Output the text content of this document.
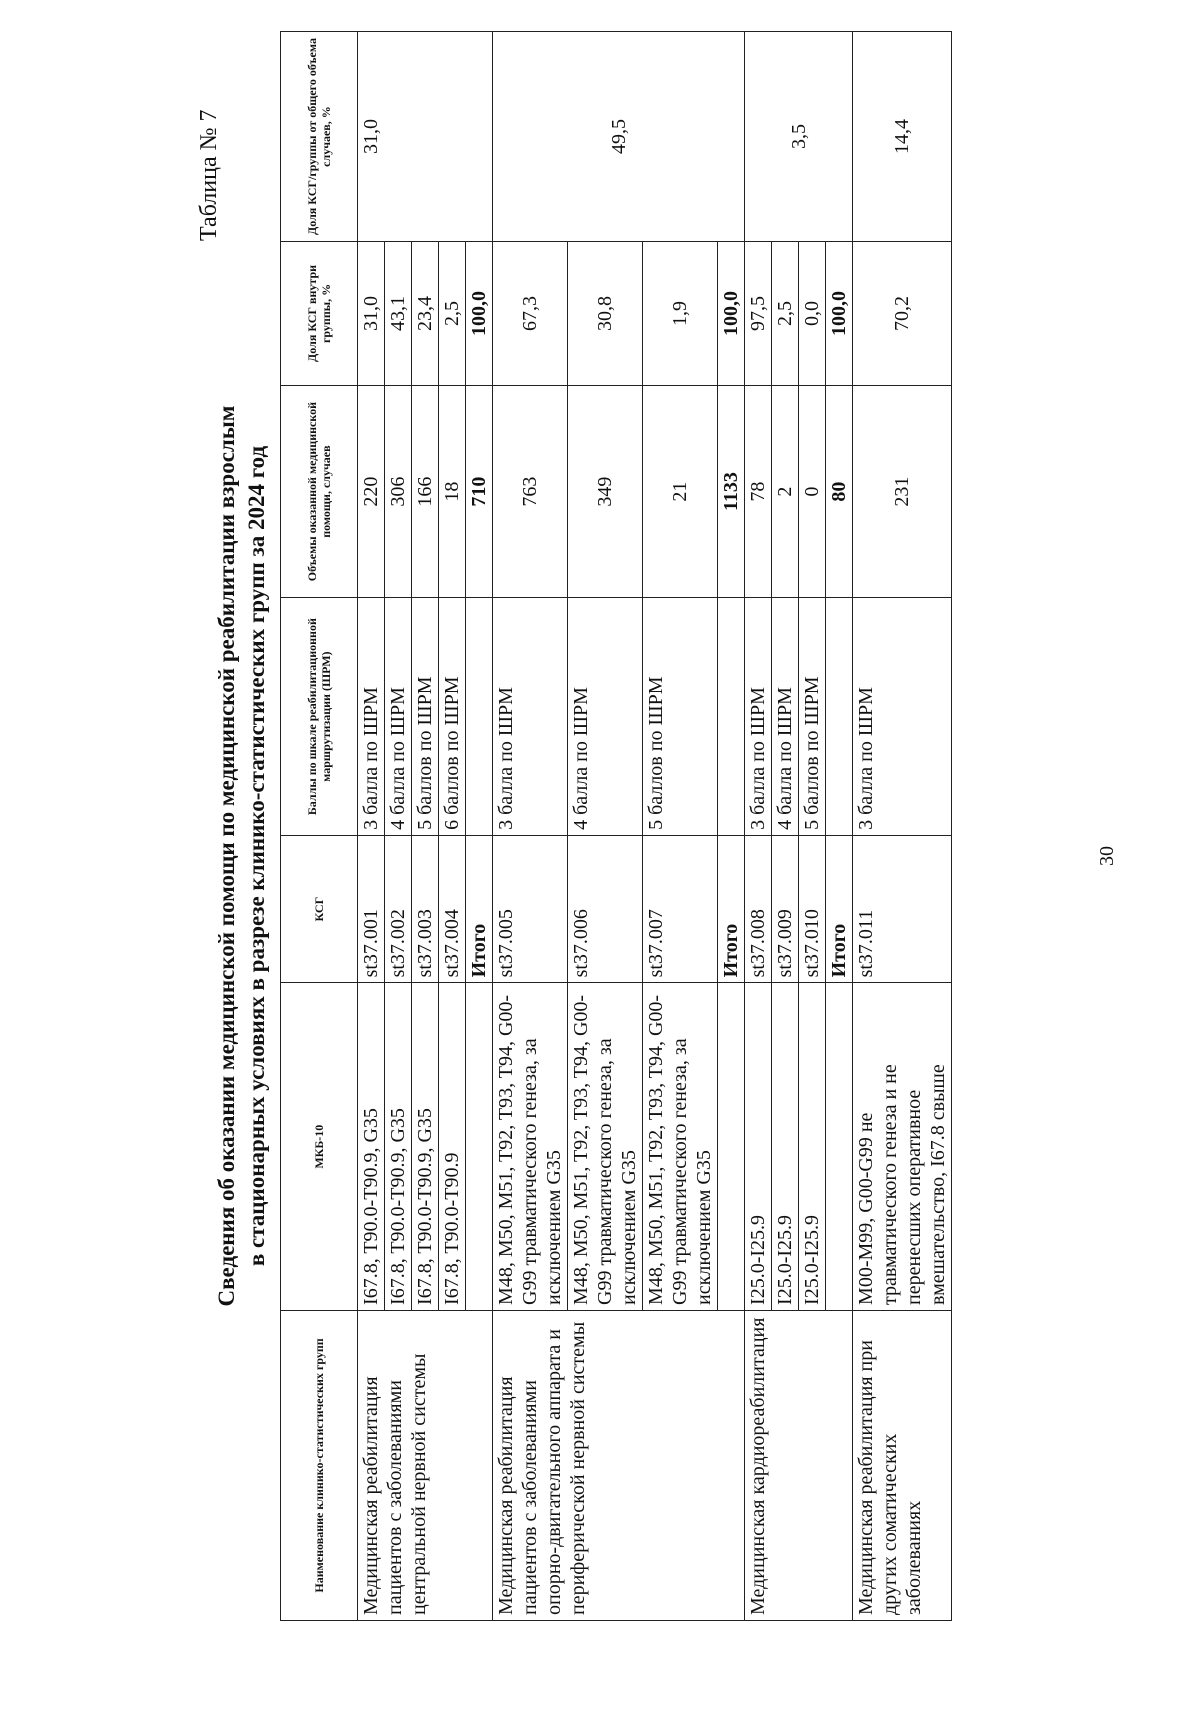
30
Таблица № 7
Сведения об оказании медицинской помощи по медицинской реабилитации взрослым в стационарных условиях в разрезе клинико-статистических групп за 2024 год
Наименование клинико-статистических групп	МКБ-10	КСГ	Баллы по шкале реабилитационной маршрутизации (ШРМ)	Объемы оказанной медицинской помощи, случаев	Доля КСГ внутри группы, %	Доля КСГ/группы от общего объема случаев, %
Медицинская реабилитация пациентов с заболеваниями центральной нервной системы	I67.8, T90.0-T90.9, G35	st37.001	3 балла по ШРМ	220	31,0	31,0
	I67.8, T90.0-T90.9, G35	st37.002	4 балла по ШРМ	306	43,1	
	I67.8, T90.0-T90.9, G35	st37.003	5 баллов по ШРМ	166	23,4	
	I67.8, T90.0-T90.9	st37.004	6 баллов по ШРМ	18	2,5	
		Итого		710	100,0	
Медицинская реабилитация пациентов с заболеваниями опорно-двигательного аппарата и периферической нервной системы	M48, M50, M51, T92, T93, T94, G00-G99 травматического генеза, за исключением G35	st37.005	3 балла по ШРМ	763	67,3	49,5
	M48, M50, M51, T92, T93, T94, G00-G99 травматического генеза, за исключением G35	st37.006	4 балла по ШРМ	349	30,8	
	M48, M50, M51, T92, T93, T94, G00-G99 травматического генеза, за исключением G35	st37.007	5 баллов по ШРМ	21	1,9	
		Итого		1133	100,0	
Медицинская кардиореабилитация	I25.0-I25.9	st37.008	3 балла по ШРМ	78	97,5	3,5
	I25.0-I25.9	st37.009	4 балла по ШРМ	2	2,5	
	I25.0-I25.9	st37.010	5 баллов по ШРМ	0	0,0	
		Итого		80	100,0	
Медицинская реабилитация при других соматических заболеваниях	M00-M99, G00-G99 не травматического генеза и не перенесших оперативное вмешательство, I67.8 свыше	st37.011	3 балла по ШРМ	231	70,2	14,4
